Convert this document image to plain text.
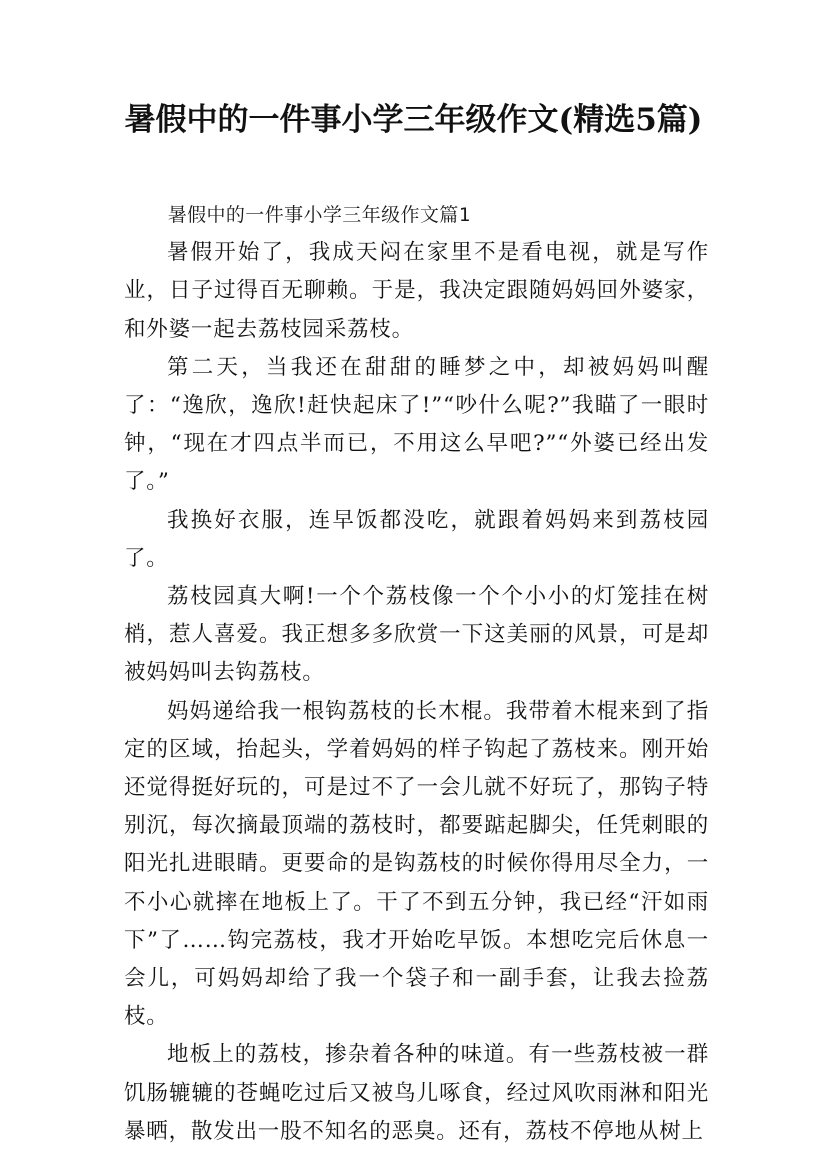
暑假中的一件事小学三年级作文(精选5篇)

暑假中的一件事小学三年级作文篇1

暑假开始了，我成天闷在家里不是看电视，就是写作业，日子过得百无聊赖。于是，我决定跟随妈妈回外婆家，和外婆一起去荔枝园采荔枝。

第二天，当我还在甜甜的睡梦之中，却被妈妈叫醒了：“逸欣，逸欣!赶快起床了!”“吵什么呢?”我瞄了一眼时钟，“现在才四点半而已，不用这么早吧?”“外婆已经出发了。”

我换好衣服，连早饭都没吃，就跟着妈妈来到荔枝园了。

荔枝园真大啊!一个个荔枝像一个个小小的灯笼挂在树梢，惹人喜爱。我正想多多欣赏一下这美丽的风景，可是却被妈妈叫去钩荔枝。

妈妈递给我一根钩荔枝的长木棍。我带着木棍来到了指定的区域，抬起头，学着妈妈的样子钩起了荔枝来。刚开始还觉得挺好玩的，可是过不了一会儿就不好玩了，那钩子特别沉，每次摘最顶端的荔枝时，都要踮起脚尖，任凭刺眼的阳光扎进眼睛。更要命的是钩荔枝的时候你得用尽全力，一不小心就摔在地板上了。干了不到五分钟，我已经“汗如雨下”了……钩完荔枝，我才开始吃早饭。本想吃完后休息一会儿，可妈妈却给了我一个袋子和一副手套，让我去捡荔枝。

地板上的荔枝，掺杂着各种的味道。有一些荔枝被一群饥肠辘辘的苍蝇吃过后又被鸟儿啄食，经过风吹雨淋和阳光暴晒，散发出一股不知名的恶臭。还有，荔枝不停地从树上
